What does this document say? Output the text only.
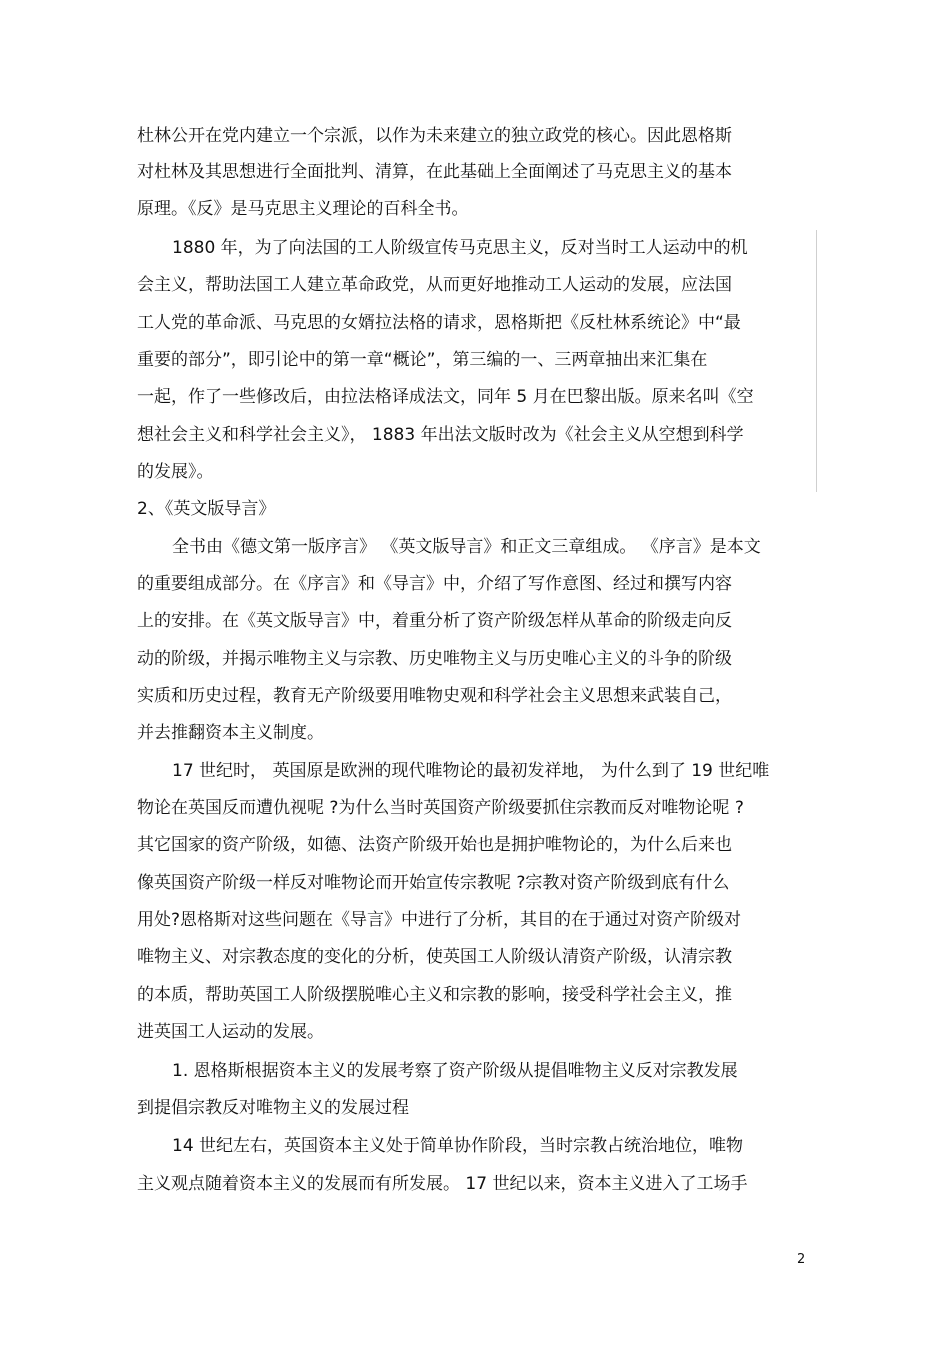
杜林公开在党内建立一个宗派，以作为未来建立的独立政党的核心。因此恩格斯

对杜林及其思想进行全面批判、清算，在此基础上全面阐述了马克思主义的基本

原理。《反》是马克思主义理论的百科全书。

1880 年，为了向法国的工人阶级宣传马克思主义，反对当时工人运动中的机

会主义，帮助法国工人建立革命政党，从而更好地推动工人运动的发展，应法国

工人党的革命派、马克思的女婿拉法格的请求，恩格斯把《反杜林系统论》中“最

重要的部分”，即引论中的第一章“概论”，第三编的一、三两章抽出来汇集在

一起，作了一些修改后，由拉法格译成法文，同年 5 月在巴黎出版。原来名叫《空

想社会主义和科学社会主义》， 1883 年出法文版时改为《社会主义从空想到科学

的发展》。

2、《英文版导言》

全书由《德文第一版序言》 《英文版导言》和正文三章组成。 《序言》是本文

的重要组成部分。在《序言》和《导言》中，介绍了写作意图、经过和撰写内容

上的安排。在《英文版导言》中，着重分析了资产阶级怎样从革命的阶级走向反

动的阶级，并揭示唯物主义与宗教、历史唯物主义与历史唯心主义的斗争的阶级

实质和历史过程，教育无产阶级要用唯物史观和科学社会主义思想来武装自己，

并去推翻资本主义制度。

17 世纪时， 英国原是欧洲的现代唯物论的最初发祥地， 为什么到了 19 世纪唯

物论在英国反而遭仇视呢 ?为什么当时英国资产阶级要抓住宗教而反对唯物论呢 ?

其它国家的资产阶级，如德、法资产阶级开始也是拥护唯物论的，为什么后来也

像英国资产阶级一样反对唯物论而开始宣传宗教呢 ?宗教对资产阶级到底有什么

用处?恩格斯对这些问题在《导言》中进行了分析，其目的在于通过对资产阶级对

唯物主义、对宗教态度的变化的分析，使英国工人阶级认清资产阶级，认清宗教

的本质，帮助英国工人阶级摆脱唯心主义和宗教的影响，接受科学社会主义，推

进英国工人运动的发展。

1. 恩格斯根据资本主义的发展考察了资产阶级从提倡唯物主义反对宗教发展

到提倡宗教反对唯物主义的发展过程

14 世纪左右，英国资本主义处于简单协作阶段，当时宗教占统治地位，唯物

主义观点随着资本主义的发展而有所发展。 17 世纪以来，资本主义进入了工场手

2
